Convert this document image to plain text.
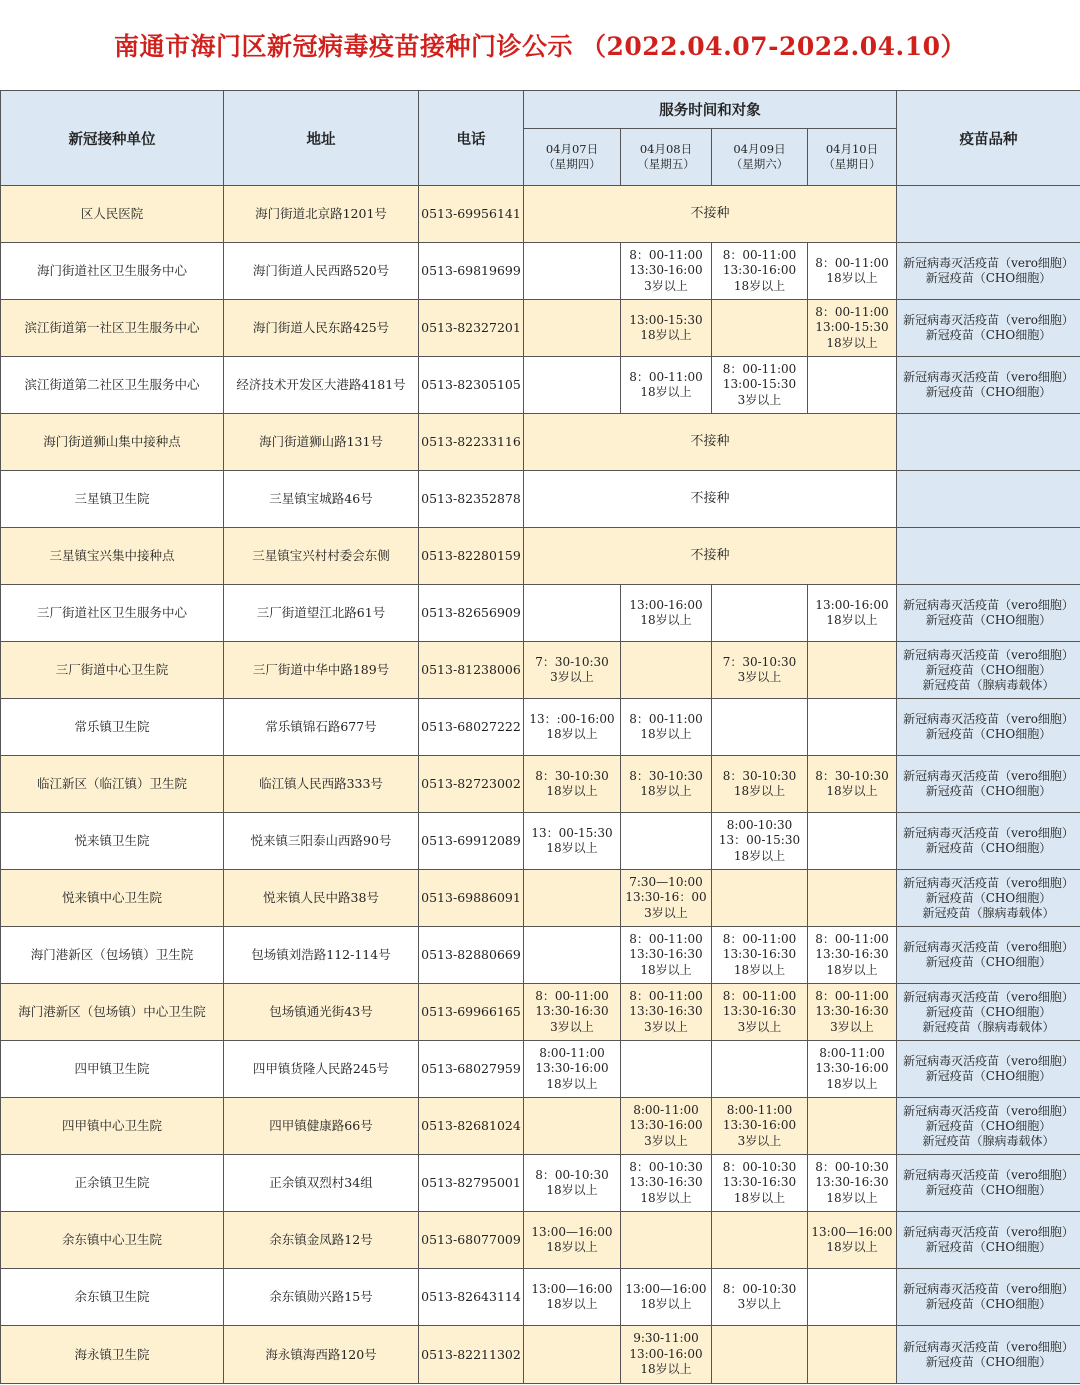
南通市海门区新冠病毒疫苗接种门诊公示 （2022.04.07-2022.04.10）
新冠接种单位	地址	电话	服务时间和对象				疫苗品种
			04月07日
（星期四）	04月08日
（星期五）	04月09日
（星期六）	04月10日
（星期日）	
区人民医院	海门街道北京路1201号	0513-69956141	不接种				
海门街道社区卫生服务中心	海门街道人民西路520号	0513-69819699		8：00-11:00
13:30-16:00
3岁以上	8：00-11:00
13:30-16:00
18岁以上	8：00-11:00
18岁以上	新冠病毒灭活疫苗（vero细胞）
新冠疫苗（CHO细胞）
滨江街道第一社区卫生服务中心	海门街道人民东路425号	0513-82327201		13:00-15:30
18岁以上		8：00-11:00
13:00-15:30
18岁以上	新冠病毒灭活疫苗（vero细胞）
新冠疫苗（CHO细胞）
滨江街道第二社区卫生服务中心	经济技术开发区大港路4181号	0513-82305105		8：00-11:00
18岁以上	8：00-11:00
13:00-15:30
3岁以上		新冠病毒灭活疫苗（vero细胞）
新冠疫苗（CHO细胞）
海门街道狮山集中接种点	海门街道狮山路131号	0513-82233116	不接种				
三星镇卫生院	三星镇宝城路46号	0513-82352878	不接种				
三星镇宝兴集中接种点	三星镇宝兴村村委会东侧	0513-82280159	不接种				
三厂街道社区卫生服务中心	三厂街道望江北路61号	0513-82656909		13:00-16:00
18岁以上		13:00-16:00
18岁以上	新冠病毒灭活疫苗（vero细胞）
新冠疫苗（CHO细胞）
三厂街道中心卫生院	三厂街道中华中路189号	0513-81238006	7：30-10:30
3岁以上		7：30-10:30
3岁以上		新冠病毒灭活疫苗（vero细胞）
新冠疫苗（CHO细胞）
新冠疫苗（腺病毒载体）
常乐镇卫生院	常乐镇锦石路677号	0513-68027222	13：:00-16:00
18岁以上	8：00-11:00
18岁以上			新冠病毒灭活疫苗（vero细胞）
新冠疫苗（CHO细胞）
临江新区（临江镇）卫生院	临江镇人民西路333号	0513-82723002	8：30-10:30
18岁以上	8：30-10:30
18岁以上	8：30-10:30
18岁以上	8：30-10:30
18岁以上	新冠病毒灭活疫苗（vero细胞）
新冠疫苗（CHO细胞）
悦来镇卫生院	悦来镇三阳泰山西路90号	0513-69912089	13：00-15:30
18岁以上		8:00-10:30
13：00-15:30
18岁以上		新冠病毒灭活疫苗（vero细胞）
新冠疫苗（CHO细胞）
悦来镇中心卫生院	悦来镇人民中路38号	0513-69886091		7:30—10:00
13:30-16：00
3岁以上			新冠病毒灭活疫苗（vero细胞）
新冠疫苗（CHO细胞）
新冠疫苗（腺病毒载体）
海门港新区（包场镇）卫生院	包场镇刘浩路112-114号	0513-82880669		8：00-11:00
13:30-16:30
18岁以上	8：00-11:00
13:30-16:30
18岁以上	8：00-11:00
13:30-16:30
18岁以上	新冠病毒灭活疫苗（vero细胞）
新冠疫苗（CHO细胞）
海门港新区（包场镇）中心卫生院	包场镇通光街43号	0513-69966165	8：00-11:00
13:30-16:30
3岁以上	8：00-11:00
13:30-16:30
3岁以上	8：00-11:00
13:30-16:30
3岁以上	8：00-11:00
13:30-16:30
3岁以上	新冠病毒灭活疫苗（vero细胞）
新冠疫苗（CHO细胞）
新冠疫苗（腺病毒载体）
四甲镇卫生院	四甲镇货隆人民路245号	0513-68027959	8:00-11:00
13:30-16:00
18岁以上			8:00-11:00
13:30-16:00
18岁以上	新冠病毒灭活疫苗（vero细胞）
新冠疫苗（CHO细胞）
四甲镇中心卫生院	四甲镇健康路66号	0513-82681024		8:00-11:00
13:30-16:00
3岁以上	8:00-11:00
13:30-16:00
3岁以上		新冠病毒灭活疫苗（vero细胞）
新冠疫苗（CHO细胞）
新冠疫苗（腺病毒载体）
正余镇卫生院	正余镇双烈村34组	0513-82795001	8：00-10:30
18岁以上	8：00-10:30
13:30-16:30
18岁以上	8：00-10:30
13:30-16:30
18岁以上	8：00-10:30
13:30-16:30
18岁以上	新冠病毒灭活疫苗（vero细胞）
新冠疫苗（CHO细胞）
余东镇中心卫生院	余东镇金凤路12号	0513-68077009	13:00—16:00
18岁以上			13:00—16:00
18岁以上	新冠病毒灭活疫苗（vero细胞）
新冠疫苗（CHO细胞）
余东镇卫生院	余东镇勋兴路15号	0513-82643114	13:00—16:00
18岁以上	13:00—16:00
18岁以上	8：00-10:30
3岁以上		新冠病毒灭活疫苗（vero细胞）
新冠疫苗（CHO细胞）
海永镇卫生院	海永镇海西路120号	0513-82211302		9:30-11:00
13:00-16:00
18岁以上			新冠病毒灭活疫苗（vero细胞）
新冠疫苗（CHO细胞）
